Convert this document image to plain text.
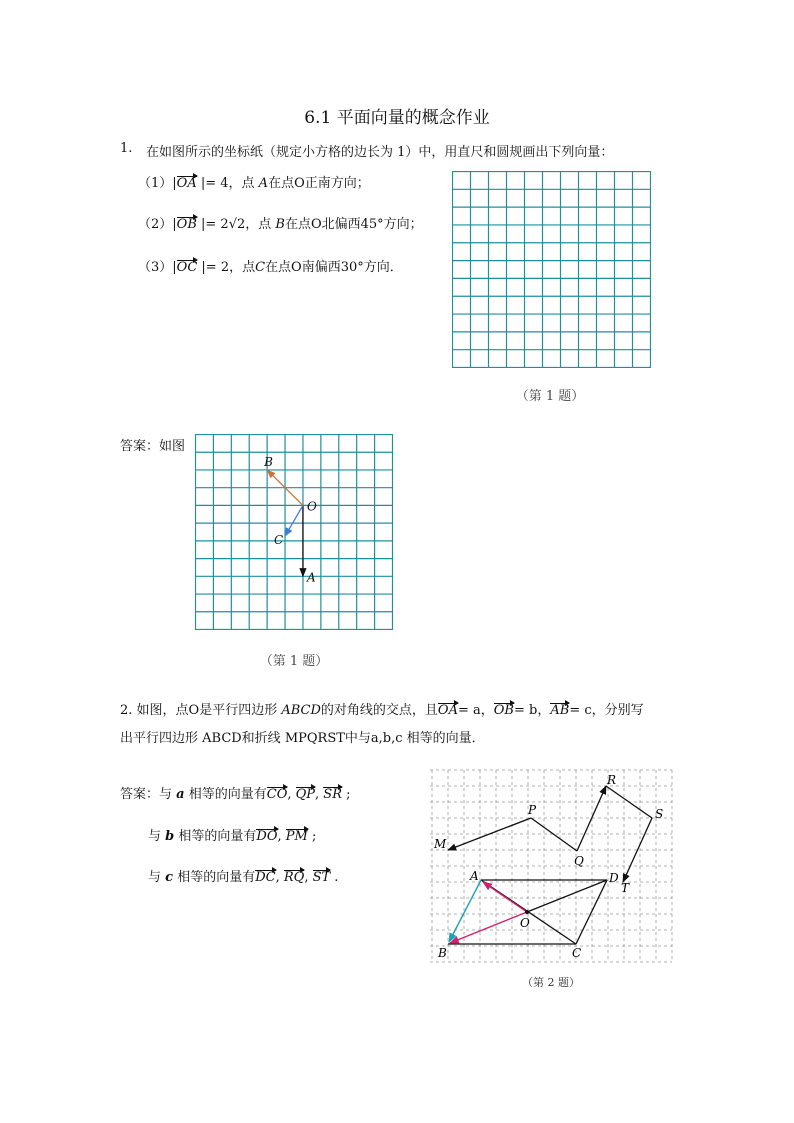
6.1 平面向量的概念作业
1. 在如图所示的坐标纸（规定小方格的边长为 1）中，用直尺和圆规画出下列向量：
（1）|OA |= 4，点 A在点O正南方向；
（2）|OB |= 2√2，点 B在点O北偏西45°方向；
（3）|OC |= 2，点C在点O南偏西30°方向．
（第 1 题）
答案：如图
O
A
B
C
（第 1 题）
2. 如图，点O是平行四边形 ABCD的对角线的交点，且OA= a，OB= b，AB= c，分别写
出平行四边形 ABCD和折线 MPQRST中与a,b,c 相等的向量．
答案：与 a 相等的向量有CO, QP, SR ;
与 b 相等的向量有DO, PM ;
与 c 相等的向量有DC, RQ, ST .
M
P
Q
R
S
T
A	D
O
B	C
（第 2 题）
